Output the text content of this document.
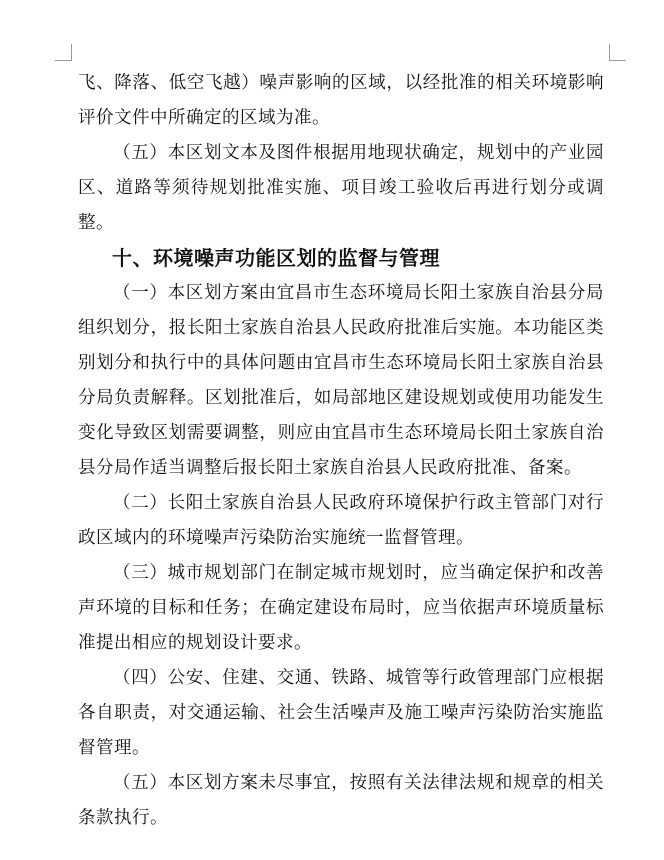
飞、降落、低空飞越）噪声影响的区域，以经批准的相关环境影响评价文件中所确定的区域为准。

（五）本区划文本及图件根据用地现状确定，规划中的产业园区、道路等须待规划批准实施、项目竣工验收后再进行划分或调整。

十、环境噪声功能区划的监督与管理

（一）本区划方案由宜昌市生态环境局长阳土家族自治县分局组织划分，报长阳土家族自治县人民政府批准后实施。本功能区类别划分和执行中的具体问题由宜昌市生态环境局长阳土家族自治县分局负责解释。区划批准后，如局部地区建设规划或使用功能发生变化导致区划需要调整，则应由宜昌市生态环境局长阳土家族自治县分局作适当调整后报长阳土家族自治县人民政府批准、备案。

（二）长阳土家族自治县人民政府环境保护行政主管部门对行政区域内的环境噪声污染防治实施统一监督管理。

（三）城市规划部门在制定城市规划时，应当确定保护和改善声环境的目标和任务；在确定建设布局时，应当依据声环境质量标准提出相应的规划设计要求。

（四）公安、住建、交通、铁路、城管等行政管理部门应根据各自职责，对交通运输、社会生活噪声及施工噪声污染防治实施监督管理。

（五）本区划方案未尽事宜，按照有关法律法规和规章的相关条款执行。
